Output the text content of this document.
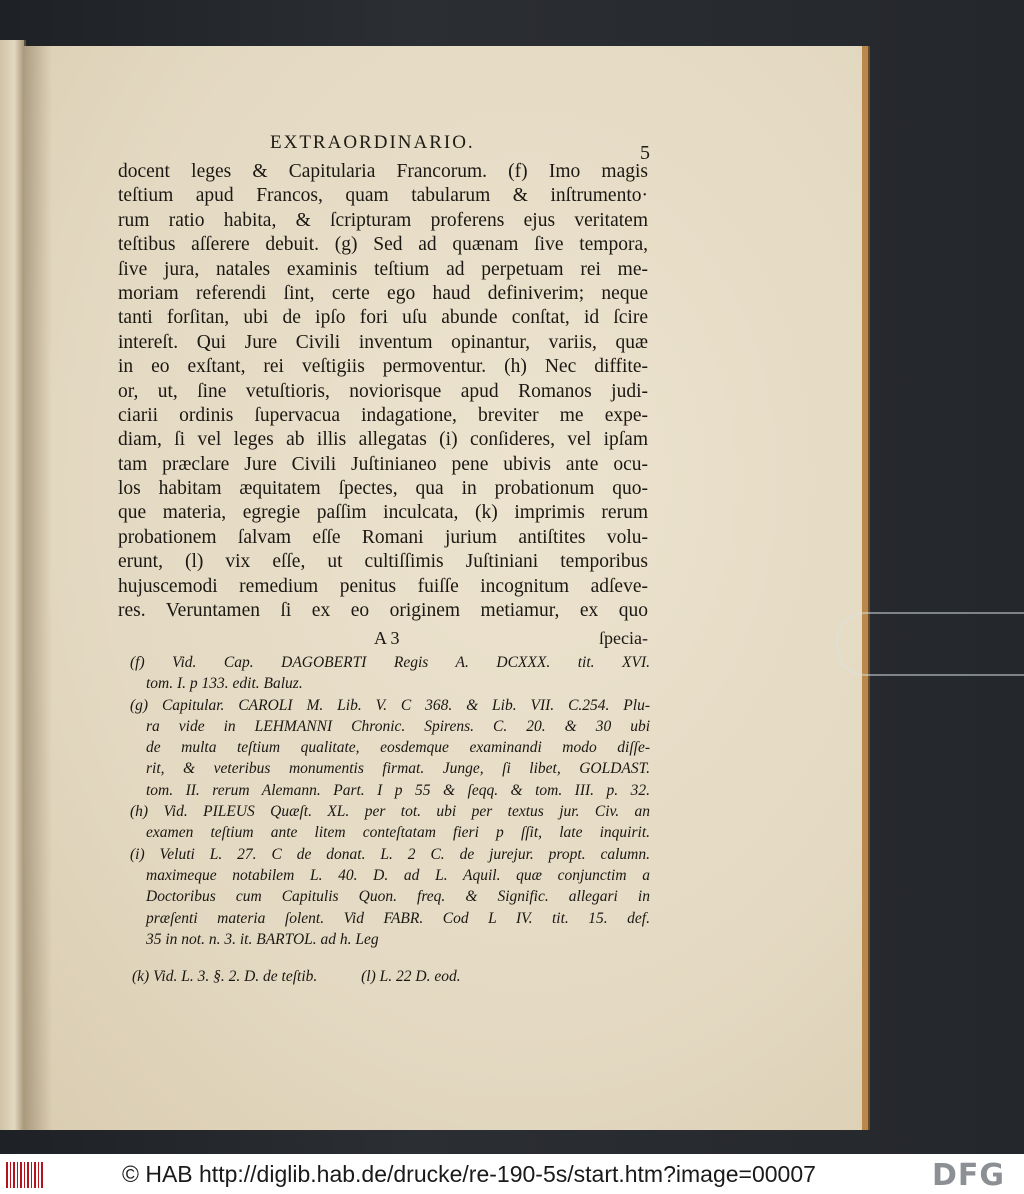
EXTRAORDINARIO.	5
docent leges & Capitularia Francorum. (f) Imo magis
teſtium apud Francos, quam tabularum & inſtrumento·
rum ratio habita, & ſcripturam proferens ejus veritatem
teſtibus aſſerere debuit. (g) Sed ad quænam ſive tempora,
ſive jura, natales examinis teſtium ad perpetuam rei me-
moriam referendi ſint, certe ego haud definiverim; neque
tanti forſitan, ubi de ipſo fori uſu abunde conſtat, id ſcire
intereſt. Qui Jure Civili inventum opinantur, variis, quæ
in eo exſtant, rei veſtigiis permoventur. (h) Nec diffite-
or, ut, ſine vetuſtioris, noviorisque apud Romanos judi-
ciarii ordinis ſupervacua indagatione, breviter me expe-
diam, ſi vel leges ab illis allegatas (i) conſideres, vel ipſam
tam præclare Jure Civili Juſtinianeo pene ubivis ante ocu-
los habitam æquitatem ſpectes, qua in probationum quo-
que materia, egregie paſſim inculcata, (k) imprimis rerum
probationem ſalvam eſſe Romani jurium antiſtites volu-
erunt, (l) vix eſſe, ut cultiſſimis Juſtiniani temporibus
hujuscemodi remedium penitus fuiſſe incognitum adſeve-
res. Veruntamen ſi ex eo originem metiamur, ex quo
A 3	ſpecia-
(f) Vid. Cap. DAGOBERTI Regis A. DCXXX. tit. XVI.
tom. I. p 133. edit. Baluz.
(g) Capitular. CAROLI M. Lib. V. C 368. & Lib. VII. C.254. Plu-
ra vide in LEHMANNI Chronic. Spirens. C. 20. & 30 ubi
de multa teſtium qualitate, eosdemque examinandi modo diſſe-
rit, & veteribus monumentis firmat. Junge, ſi libet, GOLDAST.
tom. II. rerum Alemann. Part. I p 55 & ſeqq. & tom. III. p. 32.
(h) Vid. PILEUS Quæſt. XL. per tot. ubi per textus jur. Civ. an
examen teſtium ante litem conteſtatam fieri p ſſit, late inquirit.
(i) Veluti L. 27. C de donat. L. 2 C. de jurejur. propt. calumn.
maximeque notabilem L. 40. D. ad L. Aquil. quæ conjunctim a
Doctoribus cum Capitulis Quon. freq. & Signific. allegari in
præſenti materia ſolent. Vid FABR. Cod L IV. tit. 15. def.
35 in not. n. 3. it. BARTOL. ad h. Leg
(k) Vid. L. 3. §. 2. D. de teſtib.	(l) L. 22 D. eod.
© HAB http://diglib.hab.de/drucke/re-190-5s/start.htm?image=00007	DFG
